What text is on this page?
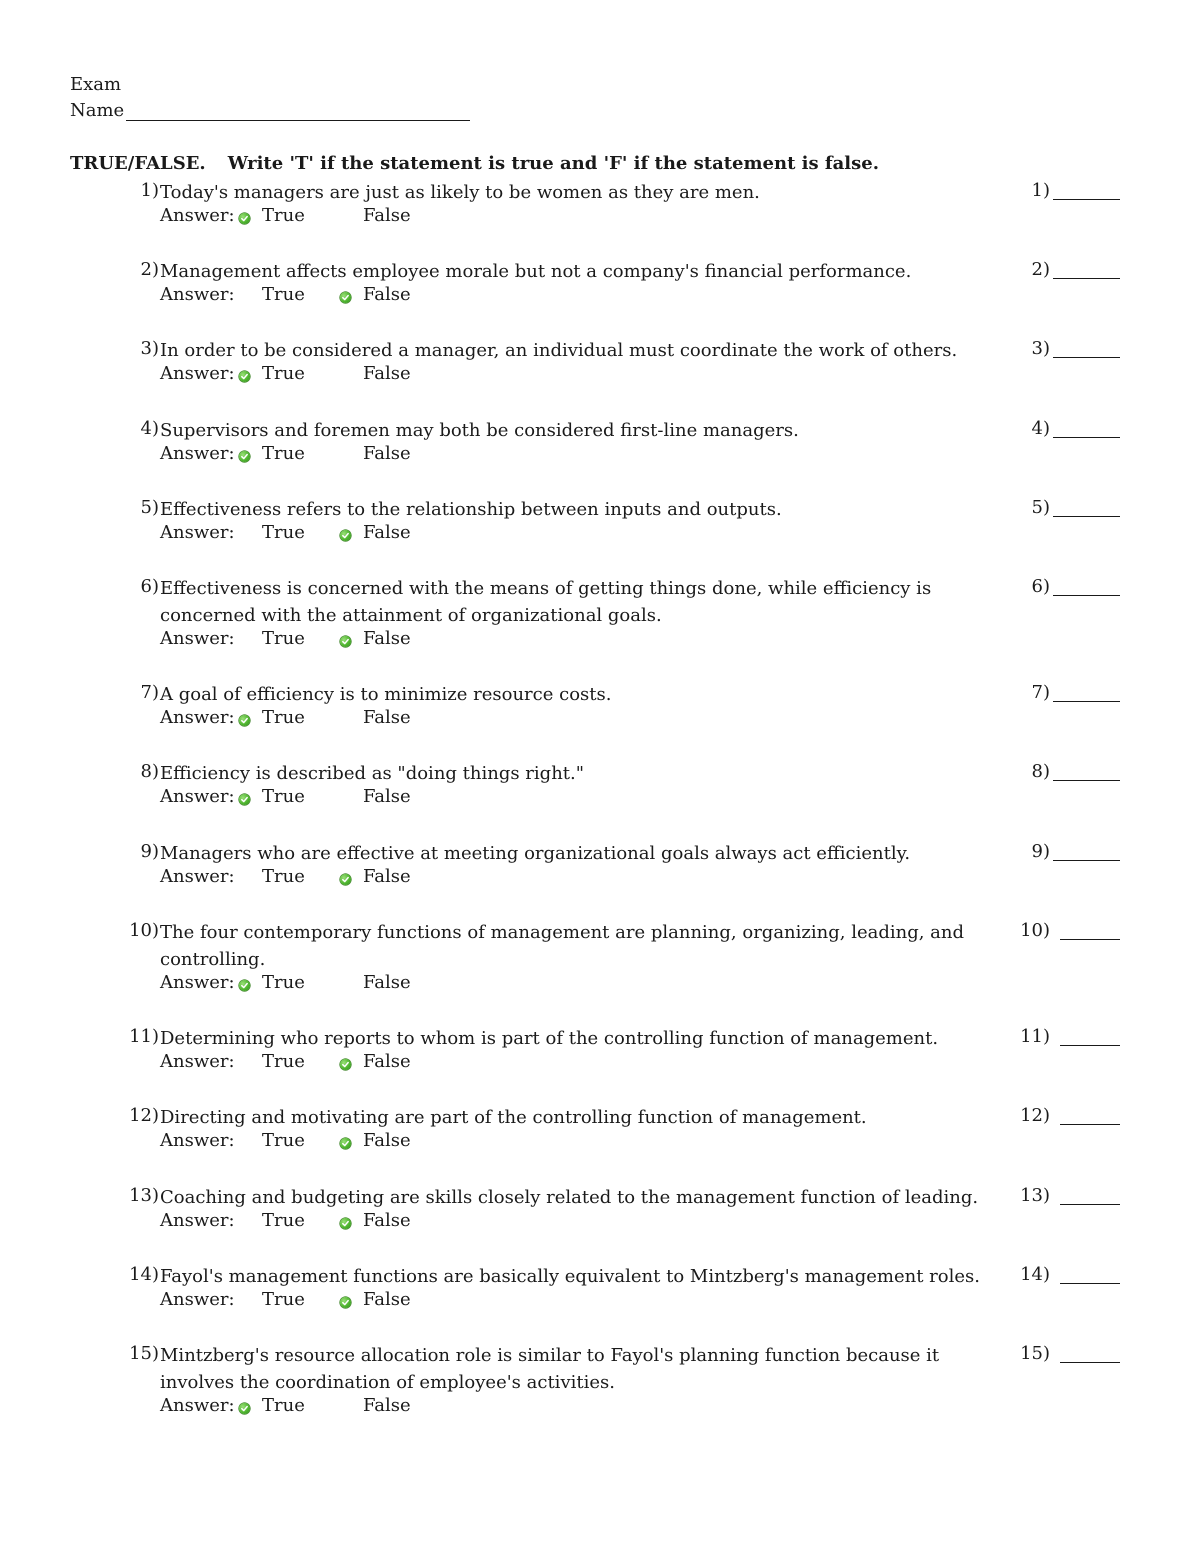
Exam
Name
TRUE/FALSE. Write 'T' if the statement is true and 'F' if the statement is false.
1) Today's managers are just as likely to be women as they are men.
Answer: True	False
1)
2) Management affects employee morale but not a company's financial performance.
Answer: True	False
2)
3) In order to be considered a manager, an individual must coordinate the work of others.
Answer: True	False
3)
4) Supervisors and foremen may both be considered first-line managers.
Answer: True	False
4)
5) Effectiveness refers to the relationship between inputs and outputs.
Answer: True	False
5)
6) Effectiveness is concerned with the means of getting things done, while efficiency is concerned with the attainment of organizational goals.
Answer: True	False
6)
7) A goal of efficiency is to minimize resource costs.
Answer: True	False
7)
8) Efficiency is described as "doing things right."
Answer: True	False
8)
9) Managers who are effective at meeting organizational goals always act efficiently.
Answer: True	False
9)
10) The four contemporary functions of management are planning, organizing, leading, and controlling.
Answer: True	False
10)
11) Determining who reports to whom is part of the controlling function of management.
Answer: True	False
11)
12) Directing and motivating are part of the controlling function of management.
Answer: True	False
12)
13) Coaching and budgeting are skills closely related to the management function of leading.
Answer: True	False
13)
14) Fayol's management functions are basically equivalent to Mintzberg's management roles.
Answer: True	False
14)
15) Mintzberg's resource allocation role is similar to Fayol's planning function because it involves the coordination of employee's activities.
Answer: True	False
15)
